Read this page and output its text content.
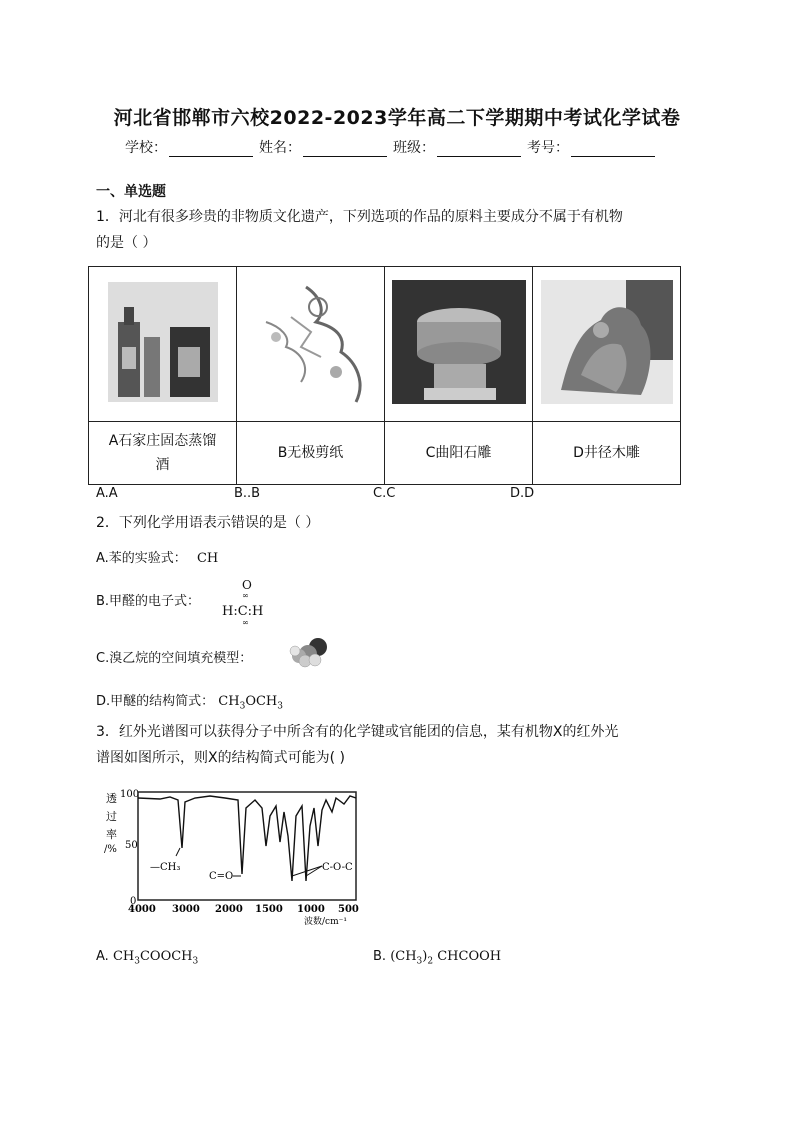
河北省邯郸市六校2022-2023学年高二下学期期中考试化学试卷
学校：	姓名：	班级：	考号：
一、单选题
1．河北有很多珍贵的非物质文化遗产，下列选项的作品的原料主要成分不属于有机物
的是（ ）

A石家庄固态蒸馏酒	B无极剪纸	C曲阳石雕	D井径木雕
A.A	B..B	C.C	D.D
2．下列化学用语表示错误的是（ ）
A.苯的实验式： CH
B.甲醛的电子式：
O
H:C:H
∞
∞
C.溴乙烷的空间填充模型：
D.甲醚的结构简式： $CH_3OCH_3$
3．红外光谱图可以获得分子中所含有的化学键或官能团的信息，某有机物X的红外光
谱图如图所示，则X的结构简式可能为( )
透
过
率
/%
100
50
0
—CH₃
C=O
C-O-C
4000 3000 2000 1500 1000 500
波数/cm⁻¹
A. $CH_3COOCH_3$	B. $(CH_3)_2$ CHCOOH
